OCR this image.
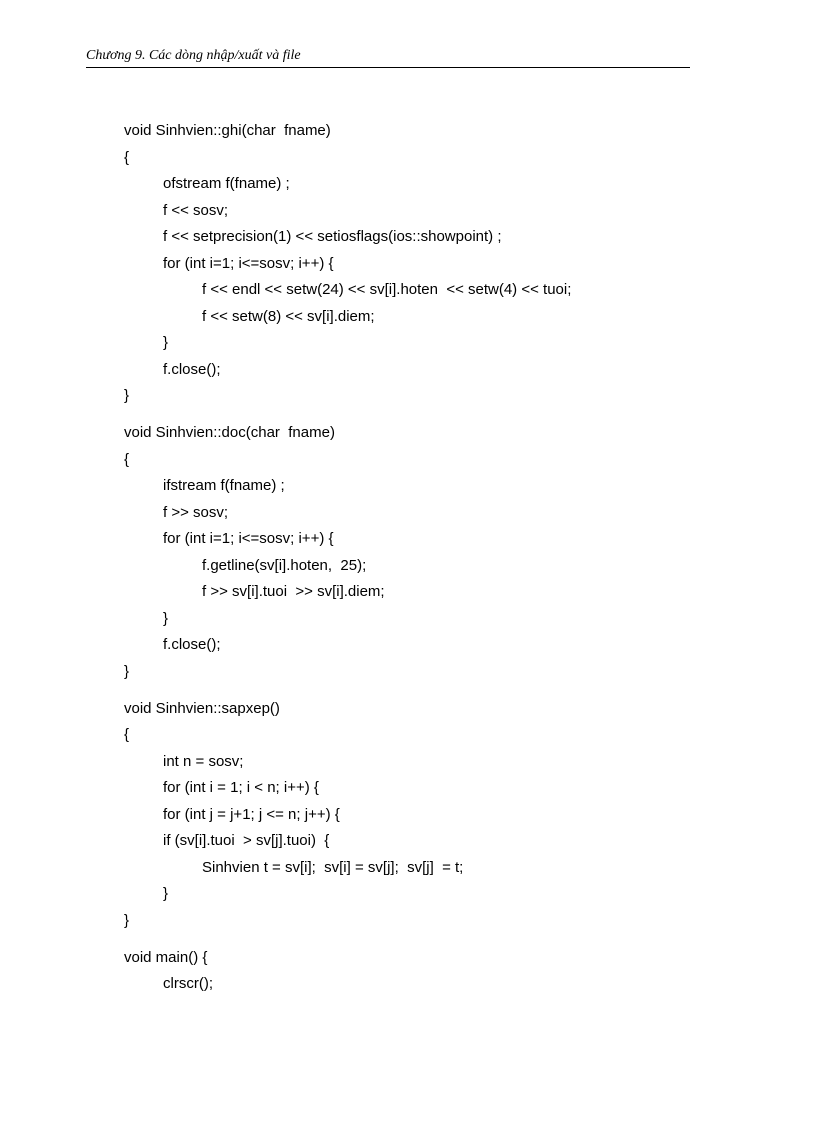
Chương 9. Các dòng nhập/xuất và file
void Sinhvien::ghi(char  fname)
{
ofstream f(fname) ;
f << sosv;
f << setprecision(1) << setiosflags(ios::showpoint) ;
for (int i=1; i<=sosv; i++) {
f << endl << setw(24) << sv[i].hoten  << setw(4) << tuoi;
f << setw(8) << sv[i].diem;
}
f.close();
}
void Sinhvien::doc(char  fname)
{
ifstream f(fname) ;
f >> sosv;
for (int i=1; i<=sosv; i++) {
f.getline(sv[i].hoten,  25);
f >> sv[i].tuoi  >> sv[i].diem;
}
f.close();
}
void Sinhvien::sapxep()
{
int n = sosv;
for (int i = 1; i < n; i++) {
for (int j = j+1; j <= n; j++) {
if (sv[i].tuoi  > sv[j].tuoi)  {
Sinhvien t = sv[i];  sv[i] = sv[j];  sv[j]  = t;
}
}
void main() {
clrscr();
